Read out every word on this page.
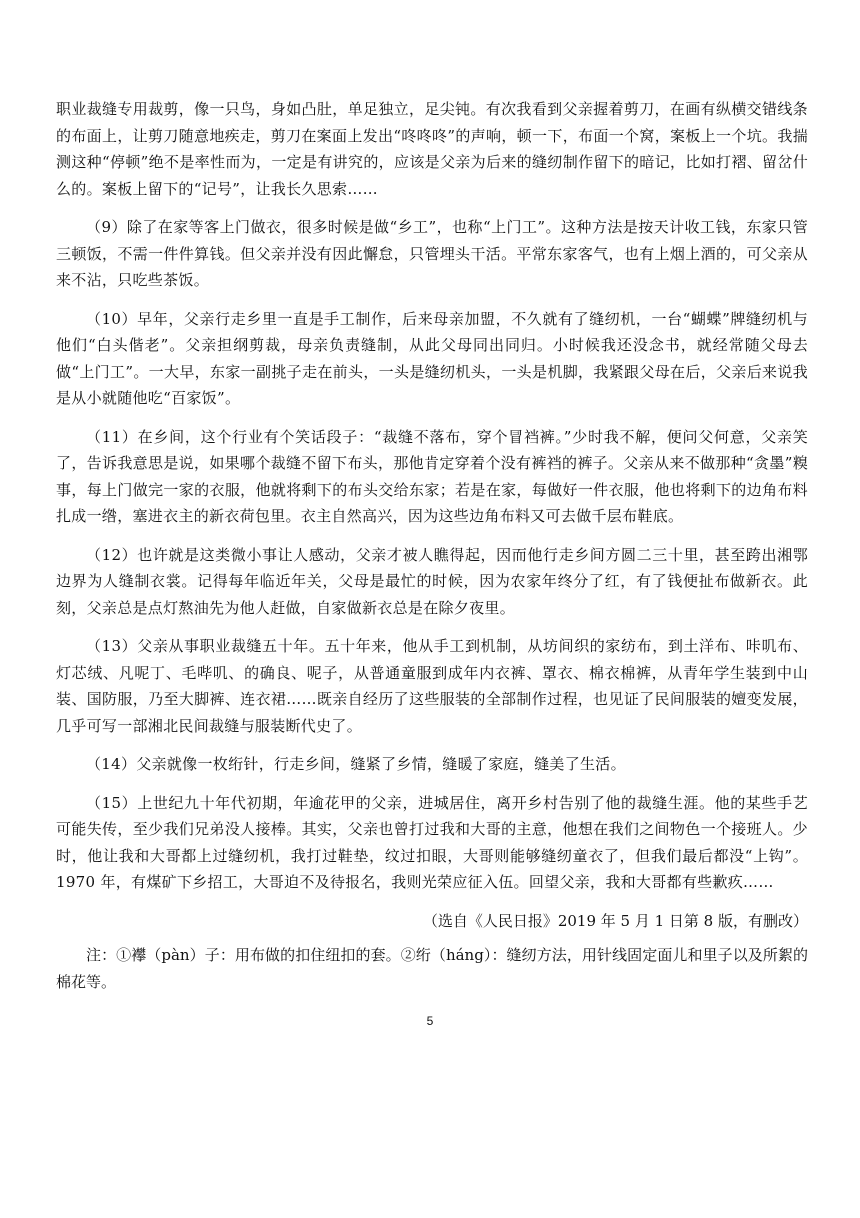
职业裁缝专用裁剪，像一只鸟，身如凸肚，单足独立，足尖钝。有次我看到父亲握着剪刀，在画有纵横交错线条的布面上，让剪刀随意地疾走，剪刀在案面上发出“咚咚咚”的声响，顿一下，布面一个窝，案板上一个坑。我揣测这种“停顿”绝不是率性而为，一定是有讲究的，应该是父亲为后来的缝纫制作留下的暗记，比如打褶、留岔什么的。案板上留下的“记号”，让我长久思索……

（9）除了在家等客上门做衣，很多时候是做“乡工”，也称“上门工”。这种方法是按天计收工钱，东家只管三顿饭，不需一件件算钱。但父亲并没有因此懈怠，只管埋头干活。平常东家客气，也有上烟上酒的，可父亲从来不沾，只吃些茶饭。

（10）早年，父亲行走乡里一直是手工制作，后来母亲加盟，不久就有了缝纫机，一台“蝴蝶”牌缝纫机与他们“白头偕老”。父亲担纲剪裁，母亲负责缝制，从此父母同出同归。小时候我还没念书，就经常随父母去做“上门工”。一大早，东家一副挑子走在前头，一头是缝纫机头，一头是机脚，我紧跟父母在后，父亲后来说我是从小就随他吃“百家饭”。

（11）在乡间，这个行业有个笑话段子：“裁缝不落布，穿个冒裆裤。”少时我不解，便问父何意，父亲笑了，告诉我意思是说，如果哪个裁缝不留下布头，那他肯定穿着个没有裤裆的裤子。父亲从来不做那种“贪墨”糗事，每上门做完一家的衣服，他就将剩下的布头交给东家；若是在家，每做好一件衣服，他也将剩下的边角布料扎成一绺，塞进衣主的新衣荷包里。衣主自然高兴，因为这些边角布料又可去做千层布鞋底。

（12）也许就是这类微小事让人感动，父亲才被人瞧得起，因而他行走乡间方圆二三十里，甚至跨出湘鄂边界为人缝制衣裳。记得每年临近年关，父母是最忙的时候，因为农家年终分了红，有了钱便扯布做新衣。此刻，父亲总是点灯熬油先为他人赶做，自家做新衣总是在除夕夜里。

（13）父亲从事职业裁缝五十年。五十年来，他从手工到机制，从坊间织的家纺布，到土洋布、咔叽布、灯芯绒、凡呢丁、毛哔叽、的确良、呢子，从普通童服到成年内衣裤、罩衣、棉衣棉裤，从青年学生装到中山装、国防服，乃至大脚裤、连衣裙……既亲自经历了这些服装的全部制作过程，也见证了民间服装的嬗变发展，几乎可写一部湘北民间裁缝与服装断代史了。

（14）父亲就像一枚绗针，行走乡间，缝紧了乡情，缝暖了家庭，缝美了生活。

（15）上世纪九十年代初期，年逾花甲的父亲，进城居住，离开乡村告别了他的裁缝生涯。他的某些手艺可能失传，至少我们兄弟没人接棒。其实，父亲也曾打过我和大哥的主意，他想在我们之间物色一个接班人。少时，他让我和大哥都上过缝纫机，我打过鞋垫，纹过扣眼，大哥则能够缝纫童衣了，但我们最后都没“上钩”。1970 年，有煤矿下乡招工，大哥迫不及待报名，我则光荣应征入伍。回望父亲，我和大哥都有些歉疚……

（选自《人民日报》2019 年 5 月 1 日第 8 版，有删改）

注：①襻（pàn）子：用布做的扣住纽扣的套。②绗（háng）：缝纫方法，用针线固定面儿和里子以及所絮的棉花等。

5
